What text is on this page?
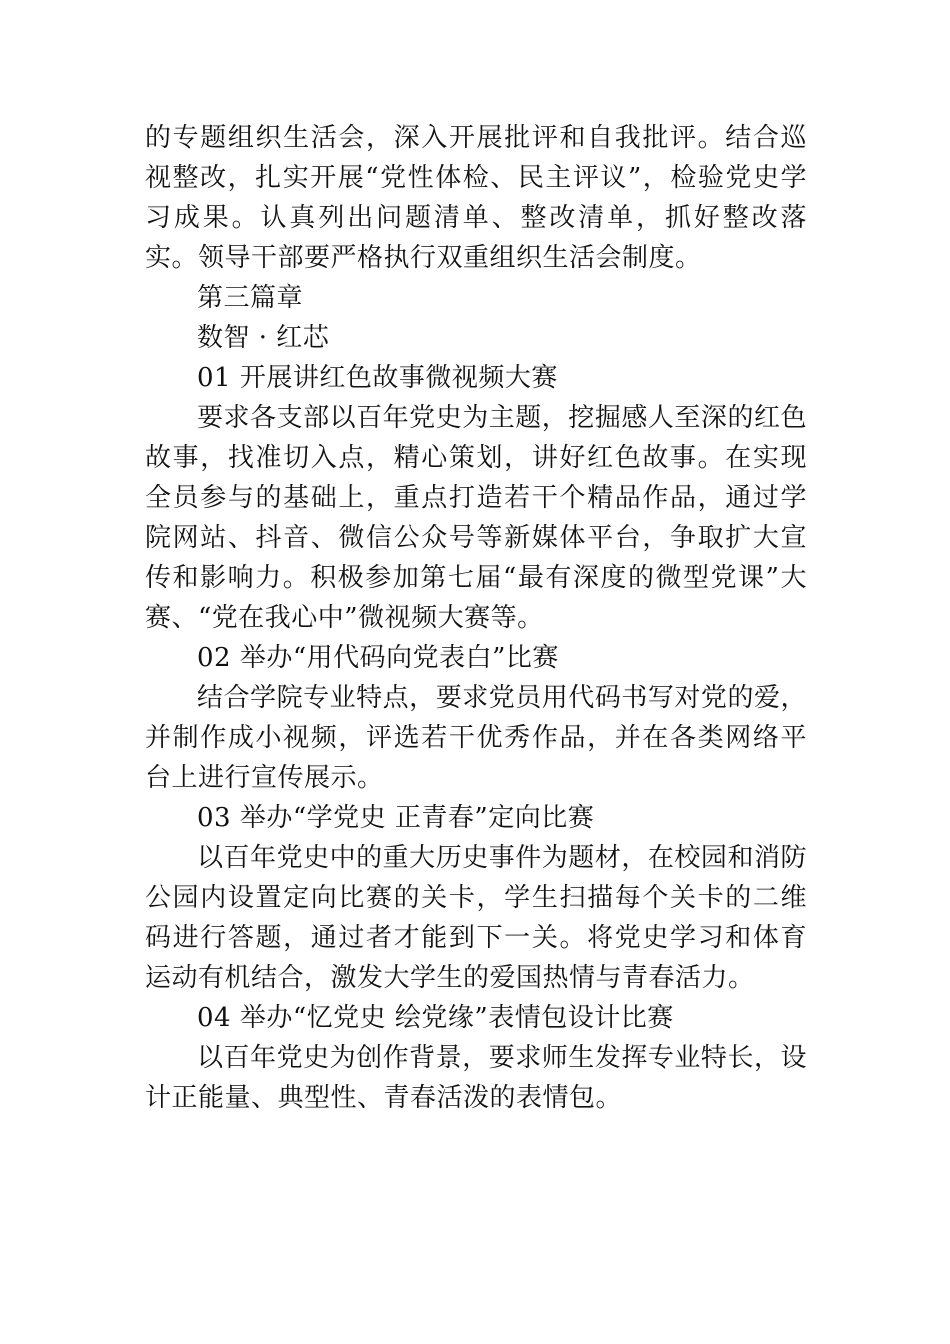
的专题组织生活会，深入开展批评和自我批评。结合巡视整改，扎实开展“党性体检、民主评议”，检验党史学习成果。认真列出问题清单、整改清单，抓好整改落实。领导干部要严格执行双重组织生活会制度。

第三篇章

数智 · 红芯

01 开展讲红色故事微视频大赛

要求各支部以百年党史为主题，挖掘感人至深的红色故事，找准切入点，精心策划，讲好红色故事。在实现全员参与的基础上，重点打造若干个精品作品，通过学院网站、抖音、微信公众号等新媒体平台，争取扩大宣传和影响力。积极参加第七届“最有深度的微型党课”大赛、“党在我心中”微视频大赛等。

02 举办“用代码向党表白”比赛

结合学院专业特点，要求党员用代码书写对党的爱，并制作成小视频，评选若干优秀作品，并在各类网络平台上进行宣传展示。

03 举办“学党史 正青春”定向比赛

以百年党史中的重大历史事件为题材，在校园和消防公园内设置定向比赛的关卡，学生扫描每个关卡的二维码进行答题，通过者才能到下一关。将党史学习和体育运动有机结合，激发大学生的爱国热情与青春活力。

04 举办“忆党史 绘党缘”表情包设计比赛

以百年党史为创作背景，要求师生发挥专业特长，设计正能量、典型性、青春活泼的表情包。
